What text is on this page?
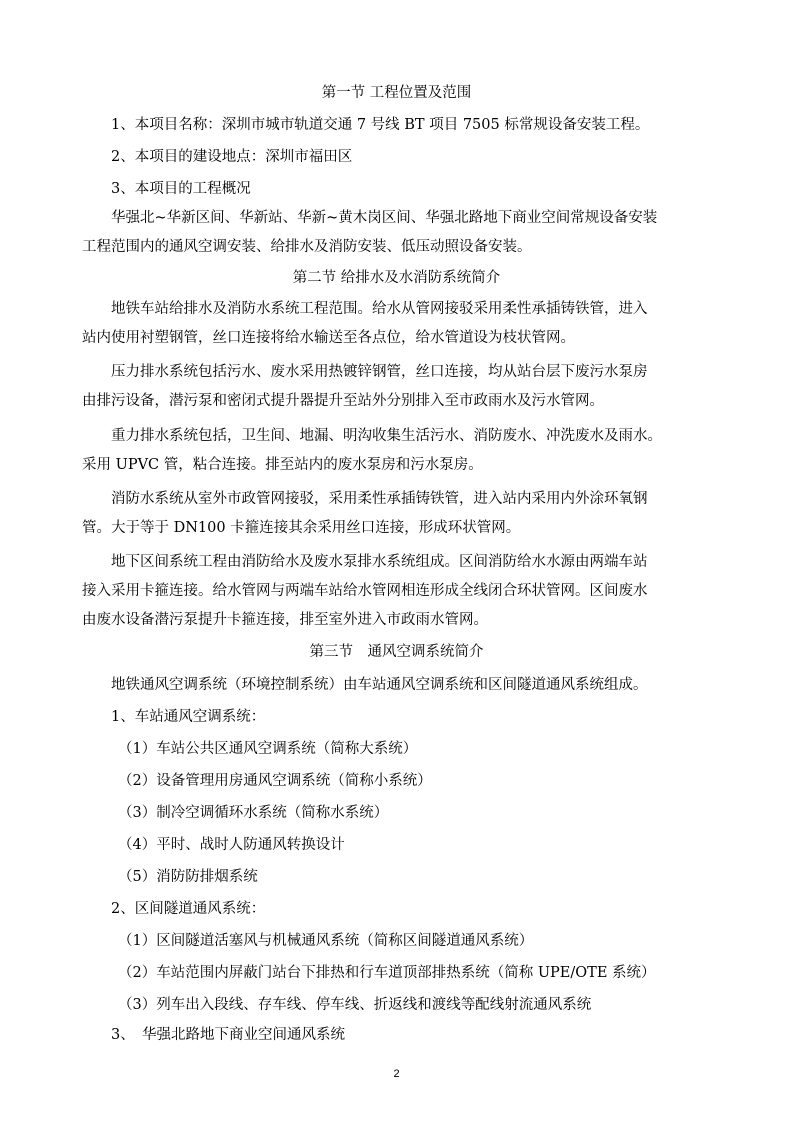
第一节 工程位置及范围
1、本项目名称：深圳市城市轨道交通 7 号线 BT 项目 7505 标常规设备安装工程。
2、本项目的建设地点：深圳市福田区
3、本项目的工程概况
华强北~华新区间、华新站、华新~黄木岗区间、华强北路地下商业空间常规设备安装
工程范围内的通风空调安装、给排水及消防安装、低压动照设备安装。
第二节 给排水及水消防系统简介
地铁车站给排水及消防水系统工程范围。给水从管网接驳采用柔性承插铸铁管，进入
站内使用衬塑钢管，丝口连接将给水输送至各点位，给水管道设为枝状管网。
压力排水系统包括污水、废水采用热镀锌钢管，丝口连接，均从站台层下废污水泵房
由排污设备，潜污泵和密闭式提升器提升至站外分别排入至市政雨水及污水管网。
重力排水系统包括，卫生间、地漏、明沟收集生活污水、消防废水、冲洗废水及雨水。
采用 UPVC 管，粘合连接。排至站内的废水泵房和污水泵房。
消防水系统从室外市政管网接驳，采用柔性承插铸铁管，进入站内采用内外涂环氧钢
管。大于等于 DN100 卡箍连接其余采用丝口连接，形成环状管网。
地下区间系统工程由消防给水及废水泵排水系统组成。区间消防给水水源由两端车站
接入采用卡箍连接。给水管网与两端车站给水管网相连形成全线闭合环状管网。区间废水
由废水设备潜污泵提升卡箍连接，排至室外进入市政雨水管网。
第三节　通风空调系统简介
地铁通风空调系统（环境控制系统）由车站通风空调系统和区间隧道通风系统组成。
1、车站通风空调系统：
（1）车站公共区通风空调系统（简称大系统）
（2）设备管理用房通风空调系统（简称小系统）
（3）制冷空调循环水系统（简称水系统）
（4）平时、战时人防通风转换设计
（5）消防防排烟系统
2、区间隧道通风系统：
（1）区间隧道活塞风与机械通风系统（简称区间隧道通风系统）
（2）车站范围内屏蔽门站台下排热和行车道顶部排热系统（简称 UPE/OTE 系统）
（3）列车出入段线、存车线、停车线、折返线和渡线等配线射流通风系统
3、　华强北路地下商业空间通风系统
2
